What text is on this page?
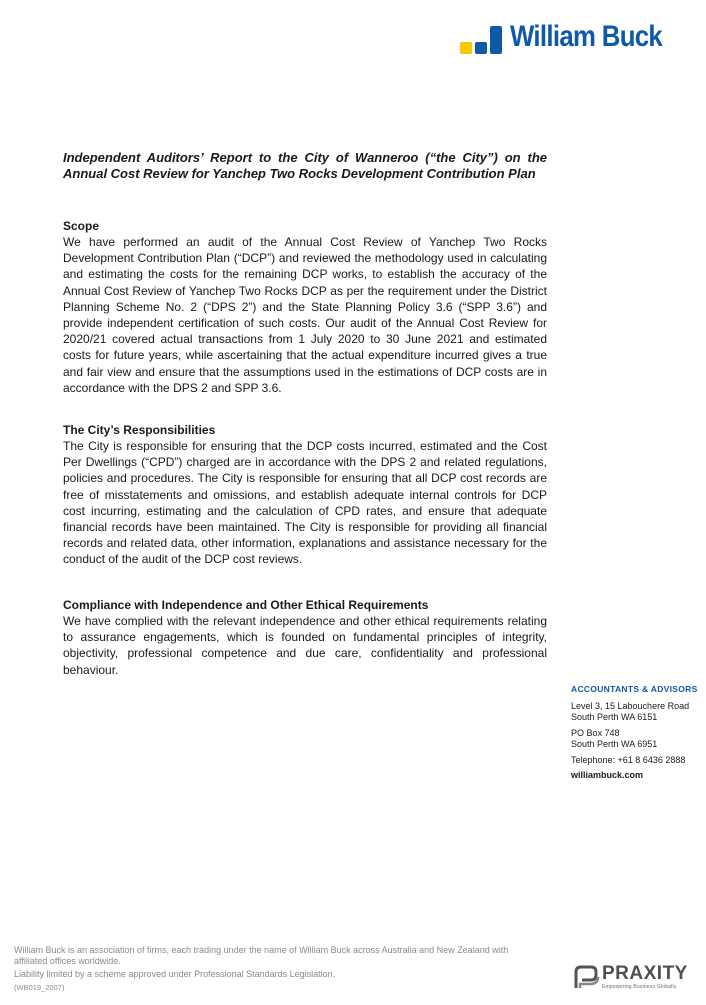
William Buck
Independent Auditors’ Report to the City of Wanneroo (“the City”) on the Annual Cost Review for Yanchep Two Rocks Development Contribution Plan
Scope
We have performed an audit of the Annual Cost Review of Yanchep Two Rocks Development Contribution Plan (“DCP”) and reviewed the methodology used in calculating and estimating the costs for the remaining DCP works, to establish the accuracy of the Annual Cost Review of Yanchep Two Rocks DCP as per the requirement under the District Planning Scheme No. 2 (“DPS 2”) and the State Planning Policy 3.6 (“SPP 3.6”) and provide independent certification of such costs. Our audit of the Annual Cost Review for 2020/21 covered actual transactions from 1 July 2020 to 30 June 2021 and estimated costs for future years, while ascertaining that the actual expenditure incurred gives a true and fair view and ensure that the assumptions used in the estimations of DCP costs are in accordance with the DPS 2 and SPP 3.6.
The City’s Responsibilities
The City is responsible for ensuring that the DCP costs incurred, estimated and the Cost Per Dwellings (“CPD”) charged are in accordance with the DPS 2 and related regulations, policies and procedures. The City is responsible for ensuring that all DCP cost records are free of misstatements and omissions, and establish adequate internal controls for DCP cost incurring, estimating and the calculation of CPD rates, and ensure that adequate financial records have been maintained. The City is responsible for providing all financial records and related data, other information, explanations and assistance necessary for the conduct of the audit of the DCP cost reviews.
Compliance with Independence and Other Ethical Requirements
We have complied with the relevant independence and other ethical requirements relating to assurance engagements, which is founded on fundamental principles of integrity, objectivity, professional competence and due care, confidentiality and professional behaviour.
ACCOUNTANTS & ADVISORS

Level 3, 15 Labouchere Road
South Perth WA 6151

PO Box 748
South Perth WA 6951

Telephone: +61 8 6436 2888

williambuck.com

William Buck is an association of firms, each trading under the name of William Buck across Australia and New Zealand with affiliated offices worldwide.

Liability limited by a scheme approved under Professional Standards Legislation.

(WB019_2007)

PRAXITY
Empowering Business Globally
